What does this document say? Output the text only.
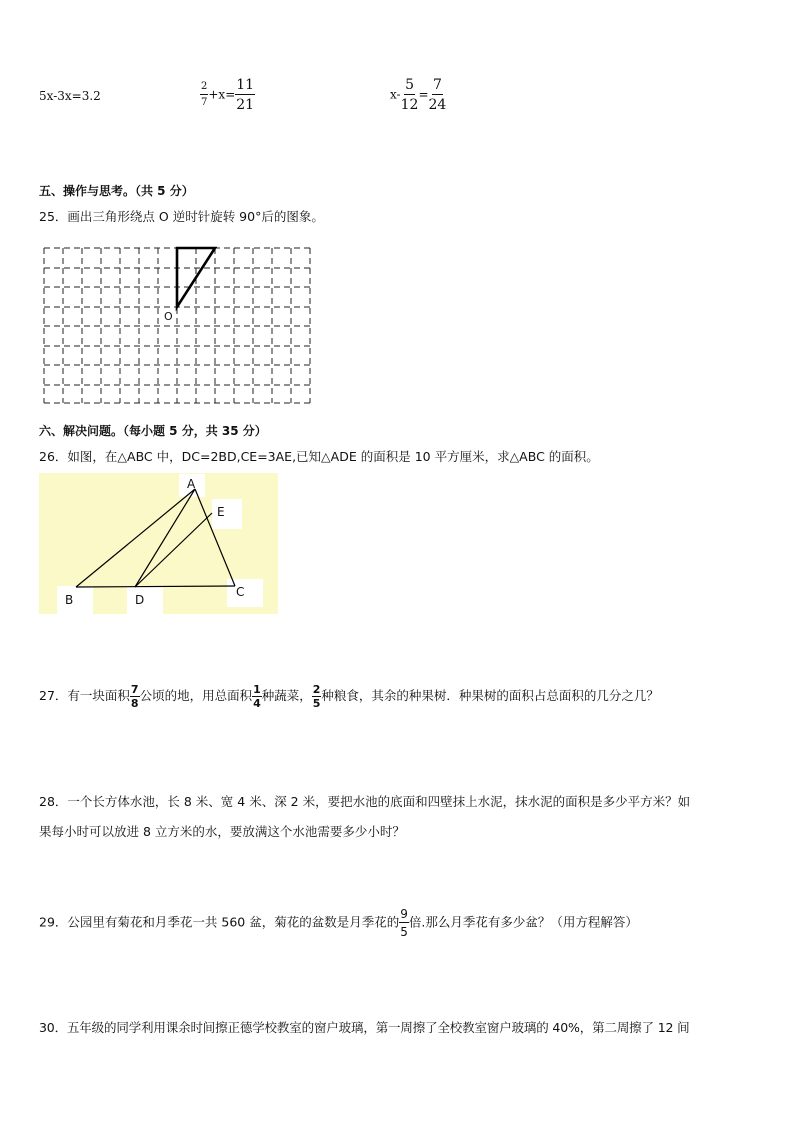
5x-3x=3.2	$\frac{2}{7} +x= \frac{11}{21}$	$x- \frac{5}{12} = \frac{7}{24}$
五、操作与思考。（共 5 分）
25．画出三角形绕点 O 逆时针旋转 90°后的图象。
O
六、解决问题。（每小题 5 分，共 35 分）
26．如图，在△ABC 中，DC=2BD,CE=3AE,已知△ADE 的面积是 10 平方厘米，求△ABC 的面积。
A
E
B	D
C
27．有一块面积 $\frac{7}{8}$ 公顷的地，用总面积 $\frac{1}{4}$ 种蔬菜， $\frac{2}{5}$ 种粮食，其余的种果树．种果树的面积占总面积的几分之几？
28．一个长方体水池，长 8 米、宽 4 米、深 2 米，要把水池的底面和四壁抹上水泥，抹水泥的面积是多少平方米？如
果每小时可以放进 8 立方米的水，要放满这个水池需要多少小时？
29．公园里有菊花和月季花一共 560 盆，菊花的盆数是月季花的 $\frac{9}{5}$ 倍.那么月季花有多少盆？（用方程解答）
30．五年级的同学利用课余时间擦正德学校教室的窗户玻璃，第一周擦了全校教室窗户玻璃的 40%，第二周擦了 12 间
